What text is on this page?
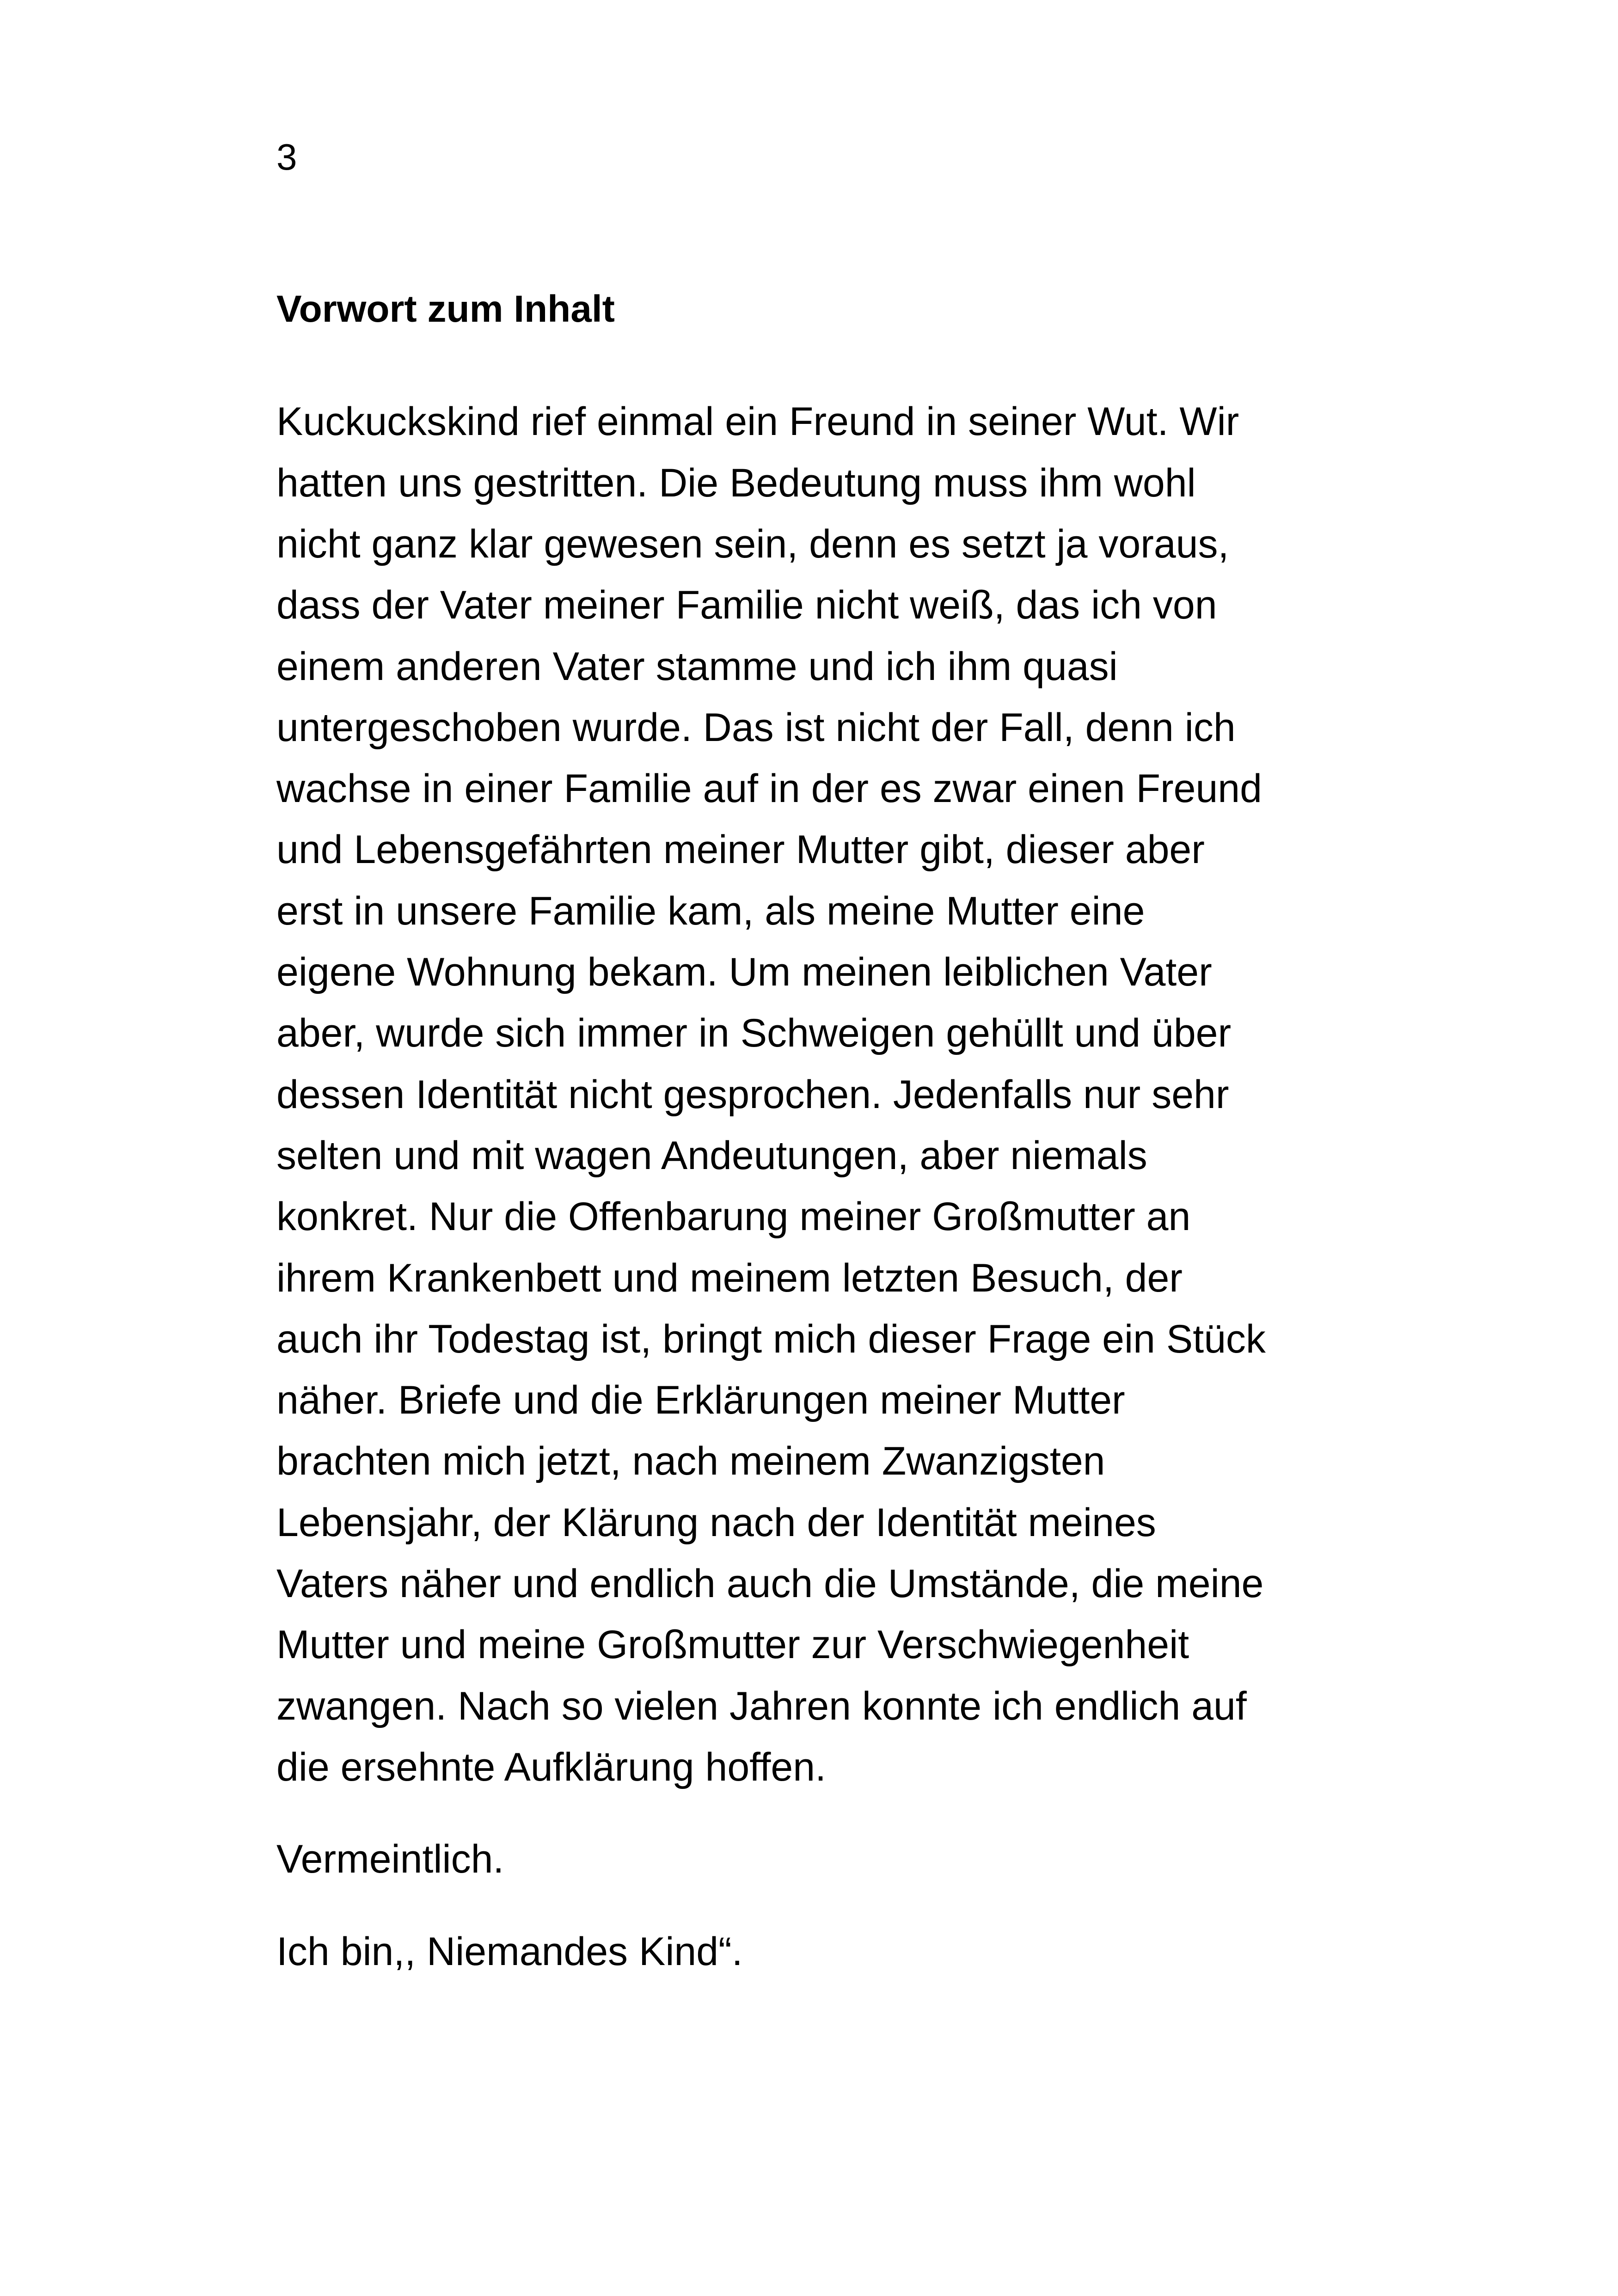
3
Vorwort zum Inhalt

Kuckuckskind rief einmal ein Freund in seiner Wut. Wir
hatten uns gestritten. Die Bedeutung muss ihm wohl
nicht ganz klar gewesen sein, denn es setzt ja voraus,
dass der Vater meiner Familie nicht weiß, das ich von
einem anderen Vater stamme und ich ihm quasi
untergeschoben wurde. Das ist nicht der Fall, denn ich
wachse in einer Familie auf in der es zwar einen Freund
und Lebensgefährten meiner Mutter gibt, dieser aber
erst in unsere Familie kam, als meine Mutter eine
eigene Wohnung bekam. Um meinen leiblichen Vater
aber, wurde sich immer in Schweigen gehüllt und über
dessen Identität nicht gesprochen. Jedenfalls nur sehr
selten und mit wagen Andeutungen, aber niemals
konkret. Nur die Offenbarung meiner Großmutter an
ihrem Krankenbett und meinem letzten Besuch, der
auch ihr Todestag ist, bringt mich dieser Frage ein Stück
näher. Briefe und die Erklärungen meiner Mutter
brachten mich jetzt, nach meinem Zwanzigsten
Lebensjahr, der Klärung nach der Identität meines
Vaters näher und endlich auch die Umstände, die meine
Mutter und meine Großmutter zur Verschwiegenheit
zwangen. Nach so vielen Jahren konnte ich endlich auf
die ersehnte Aufklärung hoffen.

Vermeintlich.

Ich bin,, Niemandes Kind“.
